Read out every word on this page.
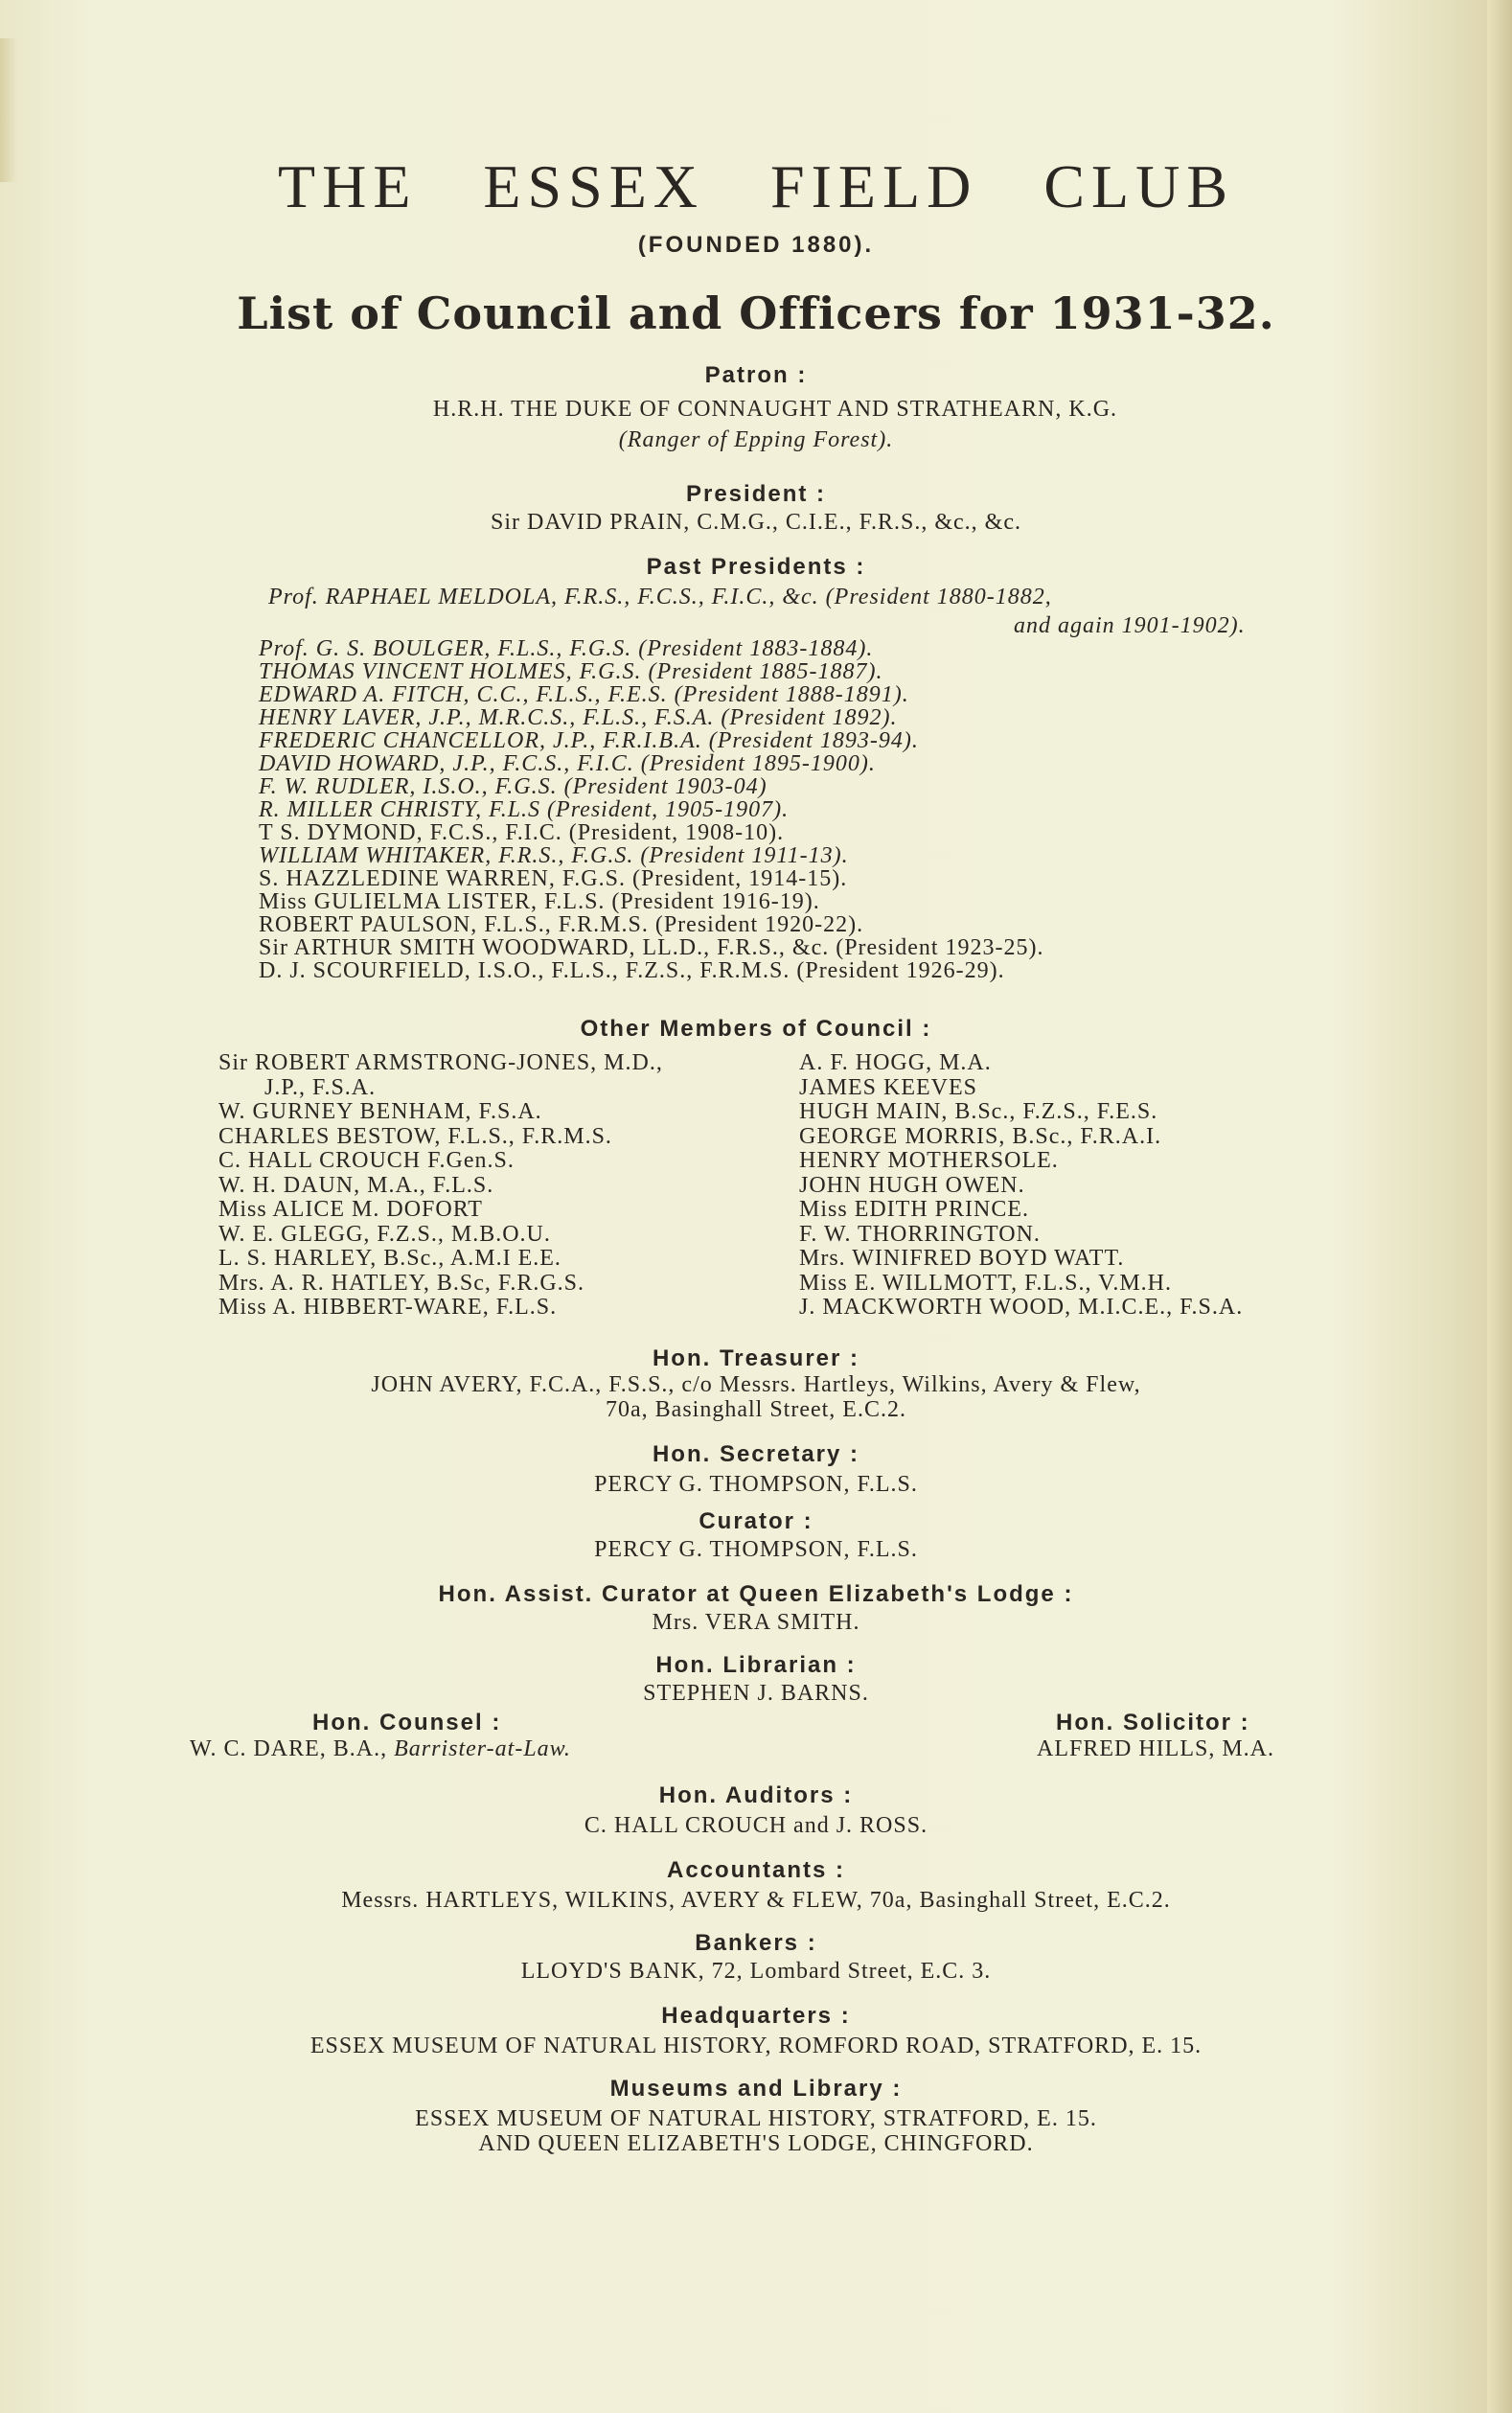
THE ESSEX FIELD CLUB
(FOUNDED 1880).
List of Council and Officers for 1931-32.
Patron :
H.R.H. THE DUKE OF CONNAUGHT AND STRATHEARN, K.G.
(Ranger of Epping Forest).
President :
Sir DAVID PRAIN, C.M.G., C.I.E., F.R.S., &c., &c.
Past Presidents :
Prof. RAPHAEL MELDOLA, F.R.S., F.C.S., F.I.C., &c. (President 1880-1882,
and again 1901-1902).
Prof. G. S. BOULGER, F.L.S., F.G.S. (President 1883-1884).
THOMAS VINCENT HOLMES, F.G.S. (President 1885-1887).
EDWARD A. FITCH, C.C., F.L.S., F.E.S. (President 1888-1891).
HENRY LAVER, J.P., M.R.C.S., F.L.S., F.S.A. (President 1892).
FREDERIC CHANCELLOR, J.P., F.R.I.B.A. (President 1893-94).
DAVID HOWARD, J.P., F.C.S., F.I.C. (President 1895-1900).
F. W. RUDLER, I.S.O., F.G.S. (President 1903-04)
R. MILLER CHRISTY, F.L.S (President, 1905-1907).
T S. DYMOND, F.C.S., F.I.C. (President, 1908-10).
WILLIAM WHITAKER, F.R.S., F.G.S. (President 1911-13).
S. HAZZLEDINE WARREN, F.G.S. (President, 1914-15).
Miss GULIELMA LISTER, F.L.S. (President 1916-19).
ROBERT PAULSON, F.L.S., F.R.M.S. (President 1920-22).
Sir ARTHUR SMITH WOODWARD, LL.D., F.R.S., &c. (President 1923-25).
D. J. SCOURFIELD, I.S.O., F.L.S., F.Z.S., F.R.M.S. (President 1926-29).
Other Members of Council :
Sir ROBERT ARMSTRONG-JONES, M.D.,
J.P., F.S.A.
W. GURNEY BENHAM, F.S.A.
CHARLES BESTOW, F.L.S., F.R.M.S.
C. HALL CROUCH F.Gen.S.
W. H. DAUN, M.A., F.L.S.
Miss ALICE M. DOFORT
W. E. GLEGG, F.Z.S., M.B.O.U.
L. S. HARLEY, B.Sc., A.M.I E.E.
Mrs. A. R. HATLEY, B.Sc, F.R.G.S.
Miss A. HIBBERT-WARE, F.L.S.
A. F. HOGG, M.A.
JAMES KEEVES
HUGH MAIN, B.Sc., F.Z.S., F.E.S.
GEORGE MORRIS, B.Sc., F.R.A.I.
HENRY MOTHERSOLE.
JOHN HUGH OWEN.
Miss EDITH PRINCE.
F. W. THORRINGTON.
Mrs. WINIFRED BOYD WATT.
Miss E. WILLMOTT, F.L.S., V.M.H.
J. MACKWORTH WOOD, M.I.C.E., F.S.A.
Hon. Treasurer :
JOHN AVERY, F.C.A., F.S.S., c/o Messrs. Hartleys, Wilkins, Avery & Flew,
70a, Basinghall Street, E.C.2.
Hon. Secretary :
PERCY G. THOMPSON, F.L.S.
Curator :
PERCY G. THOMPSON, F.L.S.
Hon. Assist. Curator at Queen Elizabeth's Lodge :
Mrs. VERA SMITH.
Hon. Librarian :
STEPHEN J. BARNS.
Hon. Counsel :
W. C. DARE, B.A., Barrister-at-Law.
Hon. Solicitor :
ALFRED HILLS, M.A.
Hon. Auditors :
C. HALL CROUCH and J. ROSS.
Accountants :
Messrs. HARTLEYS, WILKINS, AVERY & FLEW, 70a, Basinghall Street, E.C.2.
Bankers :
LLOYD'S BANK, 72, Lombard Street, E.C. 3.
Headquarters :
ESSEX MUSEUM OF NATURAL HISTORY, ROMFORD ROAD, STRATFORD, E. 15.
Museums and Library :
ESSEX MUSEUM OF NATURAL HISTORY, STRATFORD, E. 15.
AND QUEEN ELIZABETH'S LODGE, CHINGFORD.
